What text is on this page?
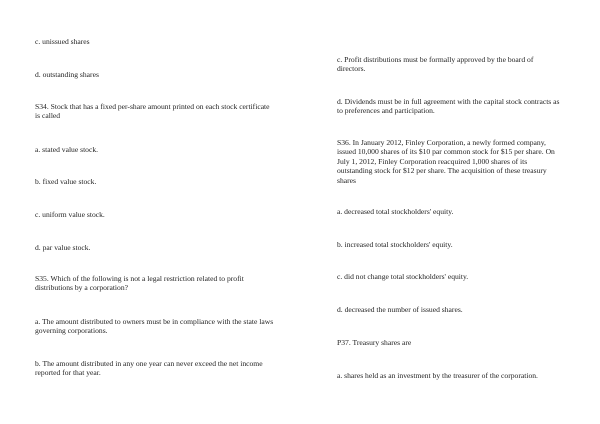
c. unissued shares

d. outstanding shares

S34. Stock that has a fixed per-share amount printed on each stock certificate is called

a. stated value stock.

b. fixed value stock.

c. uniform value stock.

d. par value stock.

S35. Which of the following is not a legal restriction related to profit distributions by a corporation?

a. The amount distributed to owners must be in compliance with the state laws governing corporations.

b. The amount distributed in any one year can never exceed the net income reported for that year.

c. Profit distributions must be formally approved by the board of directors.

d. Dividends must be in full agreement with the capital stock contracts as to preferences and participation.

S36. In January 2012, Finley Corporation, a newly formed company, issued 10,000 shares of its $10 par common stock for $15 per share. On July 1, 2012, Finley Corporation reacquired 1,000 shares of its outstanding stock for $12 per share. The acquisition of these treasury shares

a. decreased total stockholders' equity.

b. increased total stockholders' equity.

c. did not change total stockholders' equity.

d. decreased the number of issued shares.

P37. Treasury shares are

a. shares held as an investment by the treasurer of the corporation.
